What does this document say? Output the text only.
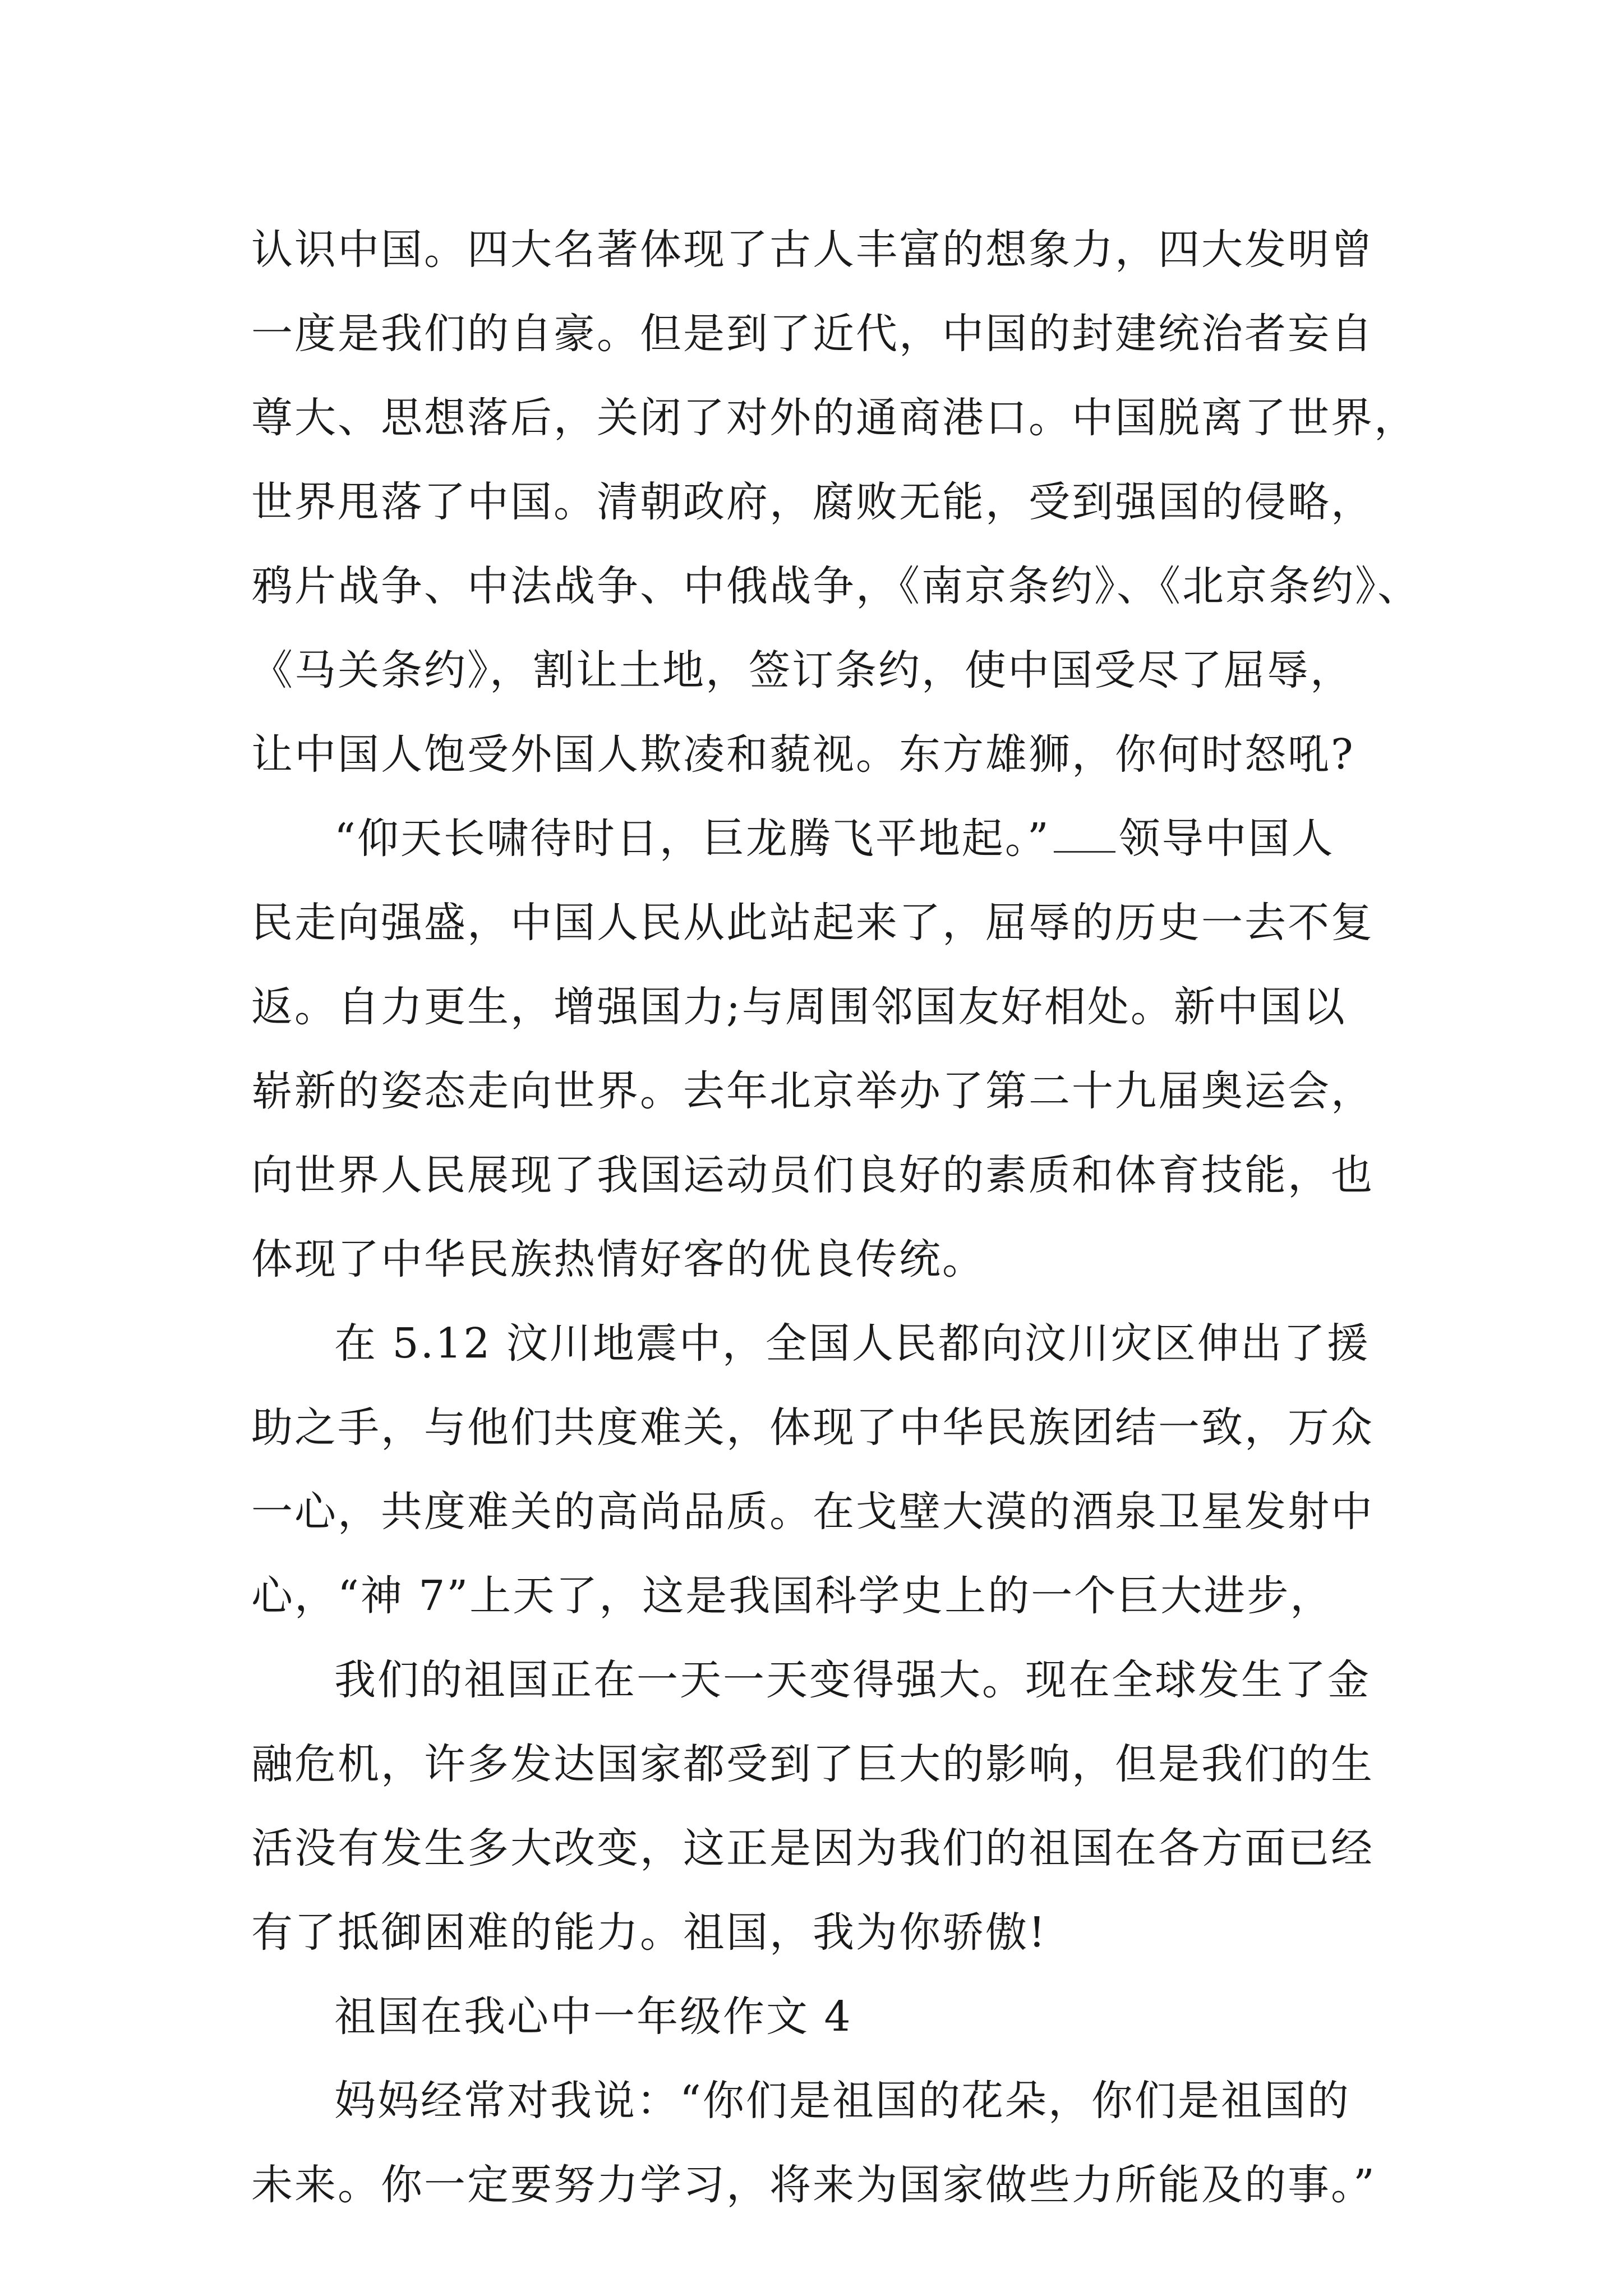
认识中国。四大名著体现了古人丰富的想象力，四大发明曾
一度是我们的自豪。但是到了近代，中国的封建统治者妄自
尊大、思想落后，关闭了对外的通商港口。中国脱离了世界，
世界甩落了中国。清朝政府，腐败无能，受到强国的侵略，
鸦片战争、中法战争、中俄战争，《南京条约》、《北京条约》、
《马关条约》，割让土地，签订条约，使中国受尽了屈辱，
让中国人饱受外国人欺凌和藐视。东方雄狮，你何时怒吼?
“仰天长啸待时日，巨龙腾飞平地起。” 领导中国人
民走向强盛，中国人民从此站起来了，屈辱的历史一去不复
返。自力更生，增强国力;与周围邻国友好相处。新中国以
崭新的姿态走向世界。去年北京举办了第二十九届奥运会，
向世界人民展现了我国运动员们良好的素质和体育技能，也
体现了中华民族热情好客的优良传统。
在 5.12 汶川地震中，全国人民都向汶川灾区伸出了援
助之手，与他们共度难关，体现了中华民族团结一致，万众
一心，共度难关的高尚品质。在戈壁大漠的酒泉卫星发射中
心，“神 7”上天了，这是我国科学史上的一个巨大进步，
我们的祖国正在一天一天变得强大。现在全球发生了金
融危机，许多发达国家都受到了巨大的影响，但是我们的生
活没有发生多大改变，这正是因为我们的祖国在各方面已经
有了抵御困难的能力。祖国，我为你骄傲!
祖国在我心中一年级作文 4
妈妈经常对我说：“你们是祖国的花朵，你们是祖国的
未来。你一定要努力学习，将来为国家做些力所能及的事。”
